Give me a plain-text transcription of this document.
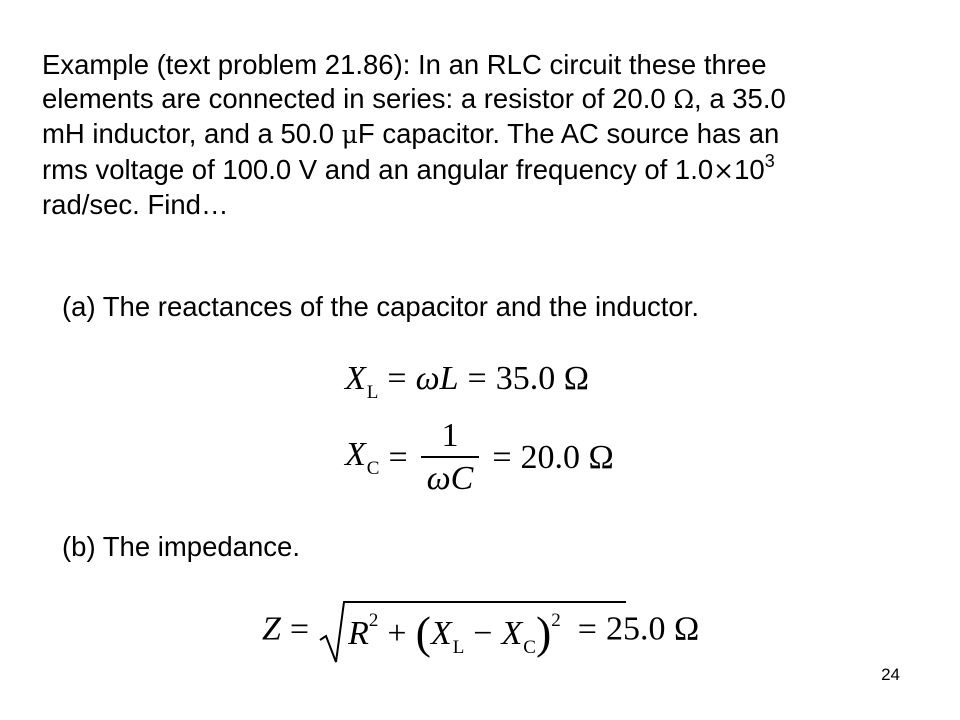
Example (text problem 21.86): In an RLC circuit these three
elements are connected in series: a resistor of 20.0 Ω, a 35.0
mH inductor, and a 50.0 μF capacitor. The AC source has an
rms voltage of 100.0 V and an angular frequency of $1.0\times 10^3$
rad/sec. Find…
(a) The reactances of the capacitor and the inductor.
$X_L = \omega L = 35.0$ Ω
$X_C = \frac{1}{\omega C} = 20.0$ Ω
(b) The impedance.
$Z = R^2 + (X_L - X_C)^2 = 25.0$ Ω
24
